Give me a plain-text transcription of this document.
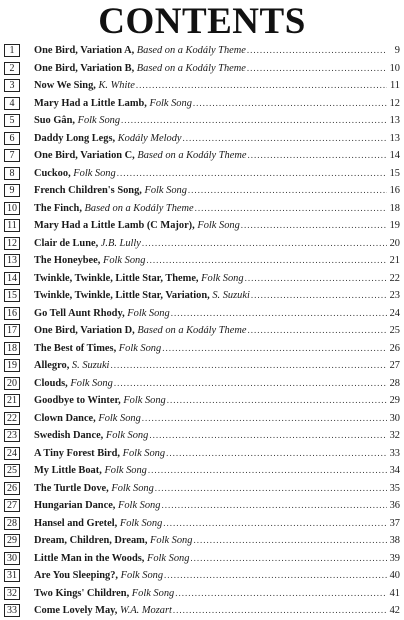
CONTENTS
1	One Bird, Variation A,
Based on a Kodály Theme .....	9
2	One Bird, Variation B,
Based on a Kodály Theme .....	10
3	Now We Sing,
K. White .....	11
4	Mary Had a Little Lamb,
Folk Song .....	12
5	Suo Gân,
Folk Song .....	13
6	Daddy Long Legs,
Kodály Melody .....	13
7	One Bird, Variation C,
Based on a Kodály Theme .....	14
8	Cuckoo,
Folk Song .....	15
9	French Children's Song,
Folk Song .....	16
10 The Finch,
Based on a Kodály Theme .....	18
11	Mary Had a Little Lamb (C Major),
Folk Song .....	19
12 Clair de Lune,
J.B. Lully .....	20
13 The Honeybee,
Folk Song .....	21
14 Twinkle, Twinkle, Little Star, Theme,
Folk Song .....	22
15 Twinkle, Twinkle, Little Star, Variation,
S. Suzuki .....	23
16 Go Tell Aunt Rhody,
Folk Song .....	24
17 One Bird, Variation D,
Based on a Kodály Theme .....	25
18 The Best of Times,
Folk Song .....	26
19 Allegro,
S. Suzuki .....	27
20 Clouds,
Folk Song .....	28
21 Goodbye to Winter,
Folk Song .....	29
22 Clown Dance,
Folk Song .....	30
23 Swedish Dance,
Folk Song .....	32
24 A Tiny Forest Bird,
Folk Song .....	33
25 My Little Boat,
Folk Song .....	34
26 The Turtle Dove,
Folk Song .....	35
27 Hungarian Dance,
Folk Song .....	36
28 Hansel and Gretel,
Folk Song .....	37
29 Dream, Children, Dream,
Folk Song .....	38
30 Little Man in the Woods,
Folk Song .....	39
31 Are You Sleeping?,
Folk Song .....	40
32 Two Kings' Children,
Folk Song .....	41
33 Come Lovely May,
W.A. Mozart .....	42
